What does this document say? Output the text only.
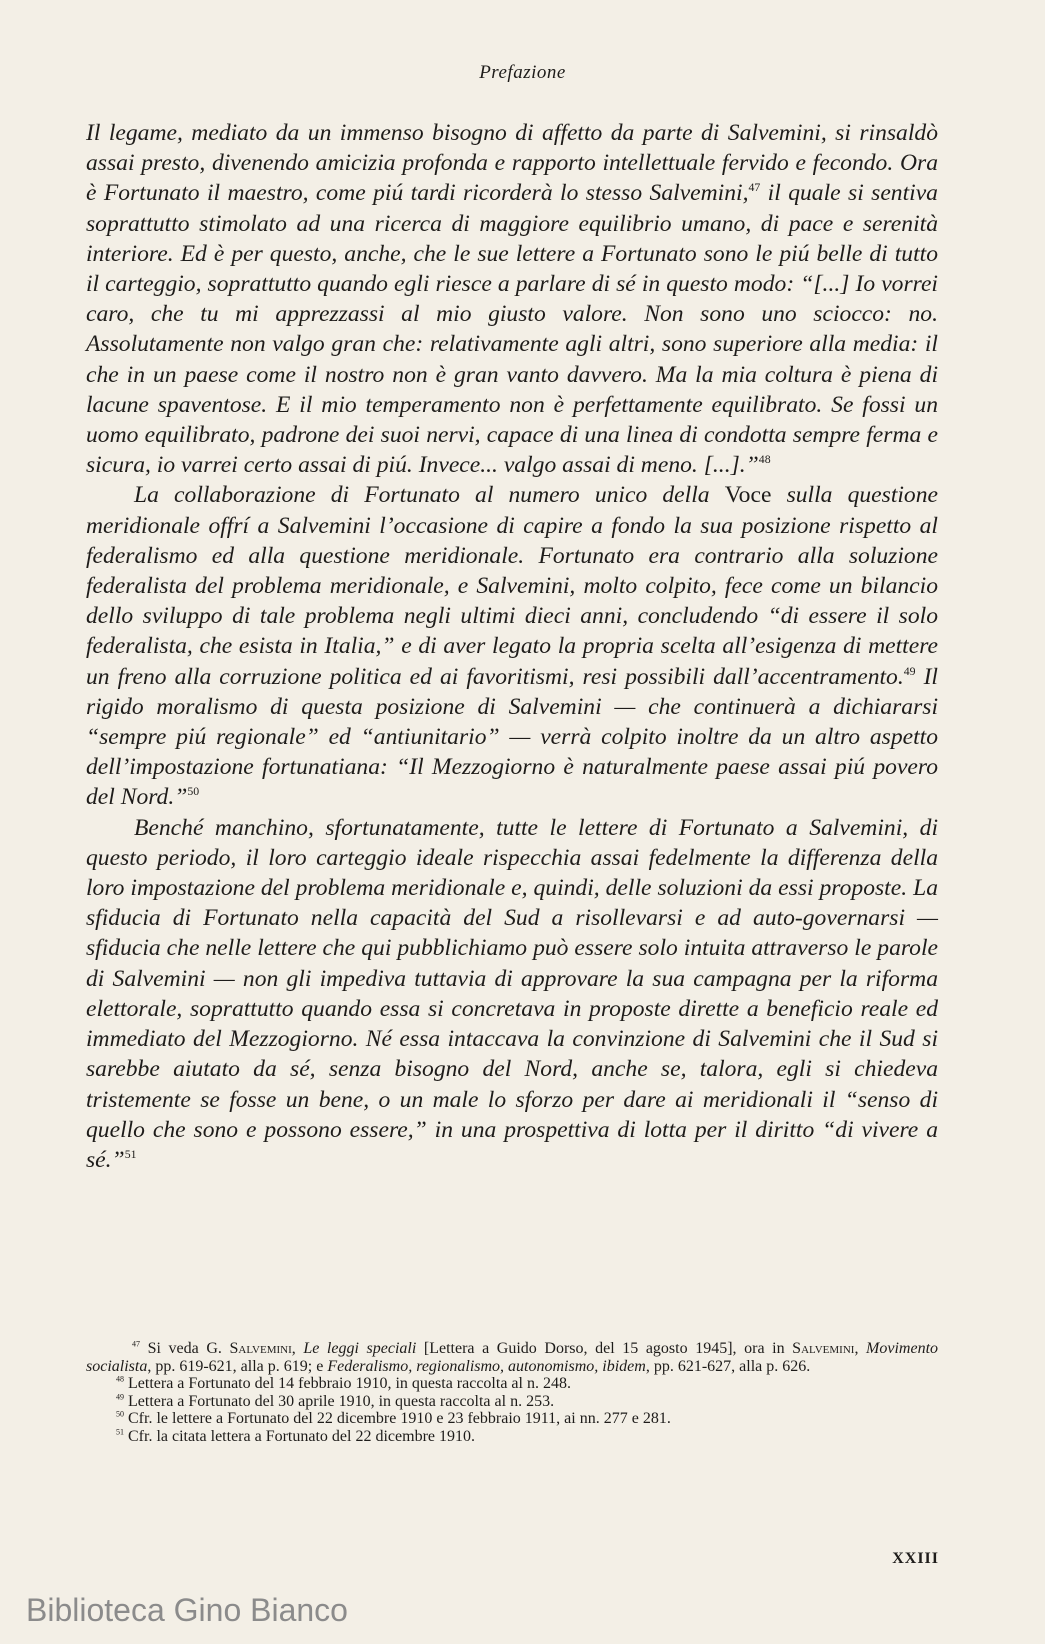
Prefazione

Il legame, mediato da un immenso bisogno di affetto da parte di Salvemini, si rinsaldò assai presto, divenendo amicizia profonda e rapporto intellettuale fervido e fecondo. Ora è Fortunato il maestro, come piú tardi ricorderà lo stesso Salvemini,$^{47}$ il quale si sentiva soprattutto stimolato ad una ricerca di maggiore equilibrio umano, di pace e serenità interiore. Ed è per questo, anche, che le sue lettere a Fortunato sono le piú belle di tutto il carteggio, soprattutto quando egli riesce a parlare di sé in questo modo: “[...] Io vorrei caro, che tu mi apprezzassi al mio giusto valore. Non sono uno sciocco: no. Assolutamente non valgo gran che: relativamente agli altri, sono superiore alla media: il che in un paese come il nostro non è gran vanto davvero. Ma la mia coltura è piena di lacune spaventose. E il mio temperamento non è perfettamente equilibrato. Se fossi un uomo equilibrato, padrone dei suoi nervi, capace di una linea di condotta sempre ferma e sicura, io varrei certo assai di piú. Invece... valgo assai di meno. [...].”$^{48}$

La collaborazione di Fortunato al numero unico della Voce sulla questione meridionale offrí a Salvemini l’occasione di capire a fondo la sua posizione rispetto al federalismo ed alla questione meridionale. Fortunato era contrario alla soluzione federalista del problema meridionale, e Salvemini, molto colpito, fece come un bilancio dello sviluppo di tale problema negli ultimi dieci anni, concludendo “di essere il solo federalista, che esista in Italia,” e di aver legato la propria scelta all’esigenza di mettere un freno alla corruzione politica ed ai favoritismi, resi possibili dall’accentramento.$^{49}$ Il rigido moralismo di questa posizione di Salvemini — che continuerà a dichiararsi “sempre piú regionale” ed “antiunitario” — verrà colpito inoltre da un altro aspetto dell’impostazione fortunatiana: “Il Mezzogiorno è naturalmente paese assai piú povero del Nord.”$^{50}$

Benché manchino, sfortunatamente, tutte le lettere di Fortunato a Salvemini, di questo periodo, il loro carteggio ideale rispecchia assai fedelmente la differenza della loro impostazione del problema meridionale e, quindi, delle soluzioni da essi proposte. La sfiducia di Fortunato nella capacità del Sud a risollevarsi e ad auto-governarsi — sfiducia che nelle lettere che qui pubblichiamo può essere solo intuita attraverso le parole di Salvemini — non gli impediva tuttavia di approvare la sua campagna per la riforma elettorale, soprattutto quando essa si concretava in proposte dirette a beneficio reale ed immediato del Mezzogiorno. Né essa intaccava la convinzione di Salvemini che il Sud si sarebbe aiutato da sé, senza bisogno del Nord, anche se, talora, egli si chiedeva tristemente se fosse un bene, o un male lo sforzo per dare ai meridionali il “senso di quello che sono e possono essere,” in una prospettiva di lotta per il diritto “di vivere a sé.”$^{51}$

$^{47}$ Si veda G. Salvemini, Le leggi speciali [Lettera a Guido Dorso, del 15 agosto 1945], ora in Salvemini, Movimento socialista, pp. 619-621, alla p. 619; e Federalismo, regionalismo, autonomismo, ibidem, pp. 621-627, alla p. 626.

$^{48}$ Lettera a Fortunato del 14 febbraio 1910, in questa raccolta al n. 248.

$^{49}$ Lettera a Fortunato del 30 aprile 1910, in questa raccolta al n. 253.

$^{50}$ Cfr. le lettere a Fortunato del 22 dicembre 1910 e 23 febbraio 1911, ai nn. 277 e 281.

$^{51}$ Cfr. la citata lettera a Fortunato del 22 dicembre 1910.

XXIII
Biblioteca Gino Bianco
